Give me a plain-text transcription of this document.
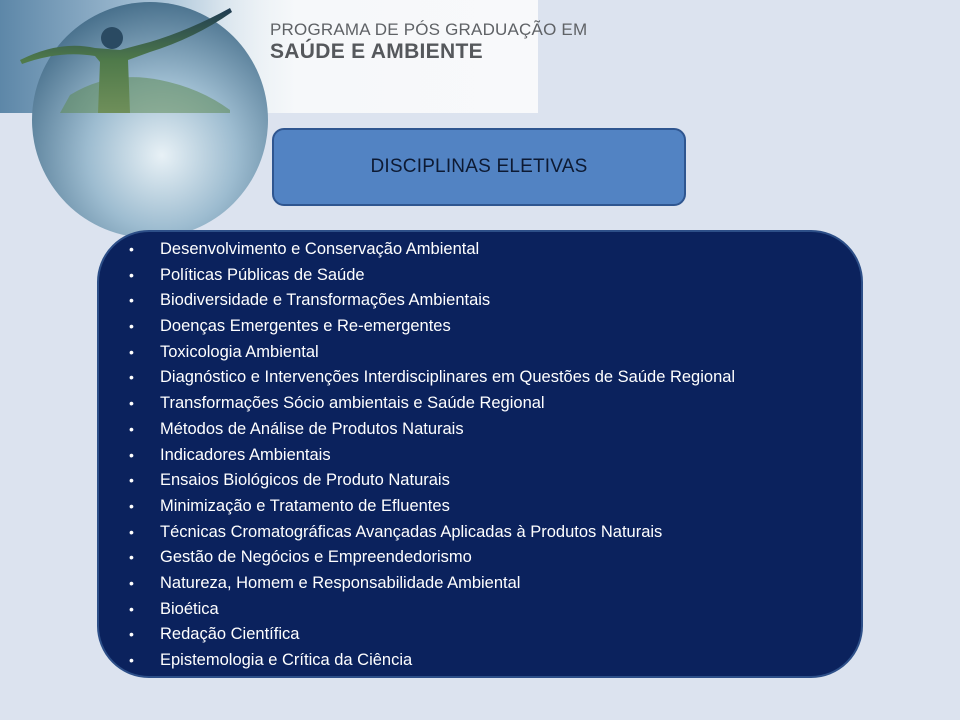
PROGRAMA DE PÓS GRADUAÇÃO EM
SAÚDE E AMBIENTE
DISCIPLINAS ELETIVAS
• Desenvolvimento e Conservação Ambiental
• Políticas Públicas de Saúde
• Biodiversidade e Transformações Ambientais
• Doenças Emergentes e Re-emergentes
• Toxicologia Ambiental
• Diagnóstico e Intervenções Interdisciplinares em Questões de Saúde Regional
• Transformações Sócio ambientais e Saúde Regional
• Métodos de Análise de Produtos Naturais
• Indicadores Ambientais
• Ensaios Biológicos de Produto Naturais
• Minimização e Tratamento de Efluentes
• Técnicas Cromatográficas Avançadas Aplicadas à Produtos Naturais
• Gestão de Negócios e Empreendedorismo
• Natureza, Homem e Responsabilidade Ambiental
• Bioética
• Redação Científica
• Epistemologia e Crítica da Ciência
